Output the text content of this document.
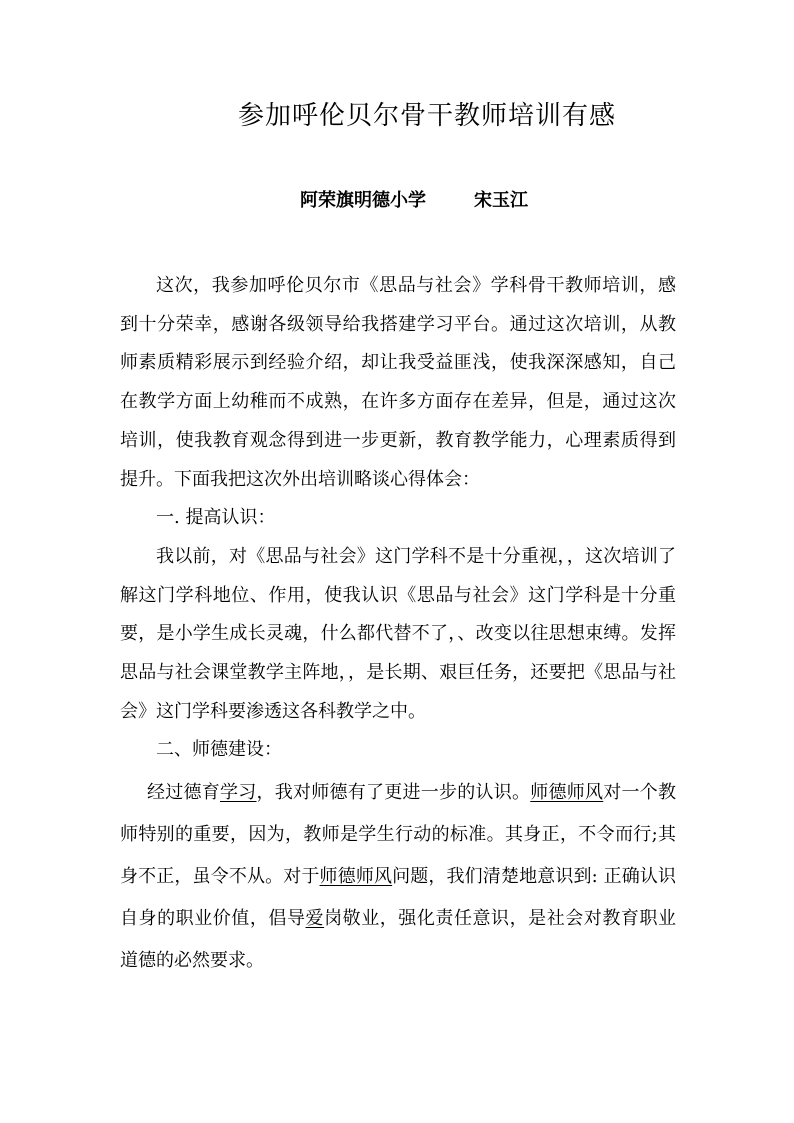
参加呼伦贝尔骨干教师培训有感
阿荣旗明德小学	宋玉江

这次，我参加呼伦贝尔市《思品与社会》学科骨干教师培训，感到十分荣幸，感谢各级领导给我搭建学习平台。通过这次培训，从教师素质精彩展示到经验介绍，却让我受益匪浅，使我深深感知，自己在教学方面上幼稚而不成熟，在许多方面存在差异，但是，通过这次培训，使我教育观念得到进一步更新，教育教学能力，心理素质得到提升。下面我把这次外出培训略谈心得体会：

一. 提高认识：

我以前，对《思品与社会》这门学科不是十分重视，，这次培训了解这门学科地位、作用，使我认识《思品与社会》这门学科是十分重要，是小学生成长灵魂，什么都代替不了，、改变以往思想束缚。发挥思品与社会课堂教学主阵地，，是长期、艰巨任务，还要把《思品与社会》这门学科要渗透这各科教学之中。

二、师德建设：

经过德育学习，我对师德有了更进一步的认识。师德师风对一个教师特别的重要，因为，教师是学生行动的标准。其身正，不令而行;其身不正，虽令不从。对于师德师风问题，我们清楚地意识到: 正确认识自身的职业价值，倡导爱岗敬业，强化责任意识，是社会对教育职业道德的必然要求。
